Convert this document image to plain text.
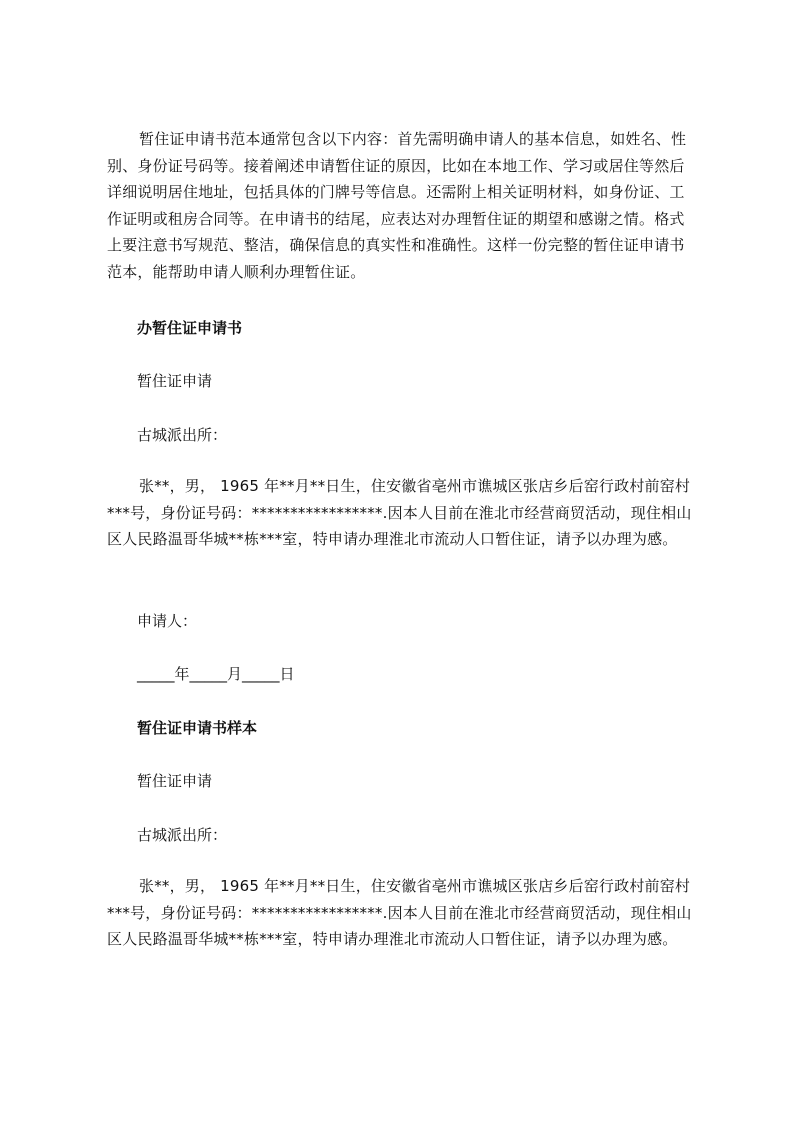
暂住证申请书范本通常包含以下内容：首先需明确申请人的基本信息，如姓名、性别、身份证号码等。接着阐述申请暂住证的原因，比如在本地工作、学习或居住等然后详细说明居住地址，包括具体的门牌号等信息。还需附上相关证明材料，如身份证、工作证明或租房合同等。在申请书的结尾，应表达对办理暂住证的期望和感谢之情。格式上要注意书写规范、整洁，确保信息的真实性和准确性。这样一份完整的暂住证申请书范本，能帮助申请人顺利办理暂住证。

办暂住证申请书

暂住证申请

古城派出所：

张**，男， 1965 年**月**日生，住安徽省亳州市谯城区张店乡后窑行政村前窑村***号，身份证号码：*****************.因本人目前在淮北市经营商贸活动，现住相山区人民路温哥华城**栋***室，特申请办理淮北市流动人口暂住证，请予以办理为感。

申请人：

_____年_____月_____日

暂住证申请书样本

暂住证申请

古城派出所：

张**，男， 1965 年**月**日生，住安徽省亳州市谯城区张店乡后窑行政村前窑村***号，身份证号码：*****************.因本人目前在淮北市经营商贸活动，现住相山区人民路温哥华城**栋***室，特申请办理淮北市流动人口暂住证，请予以办理为感。
